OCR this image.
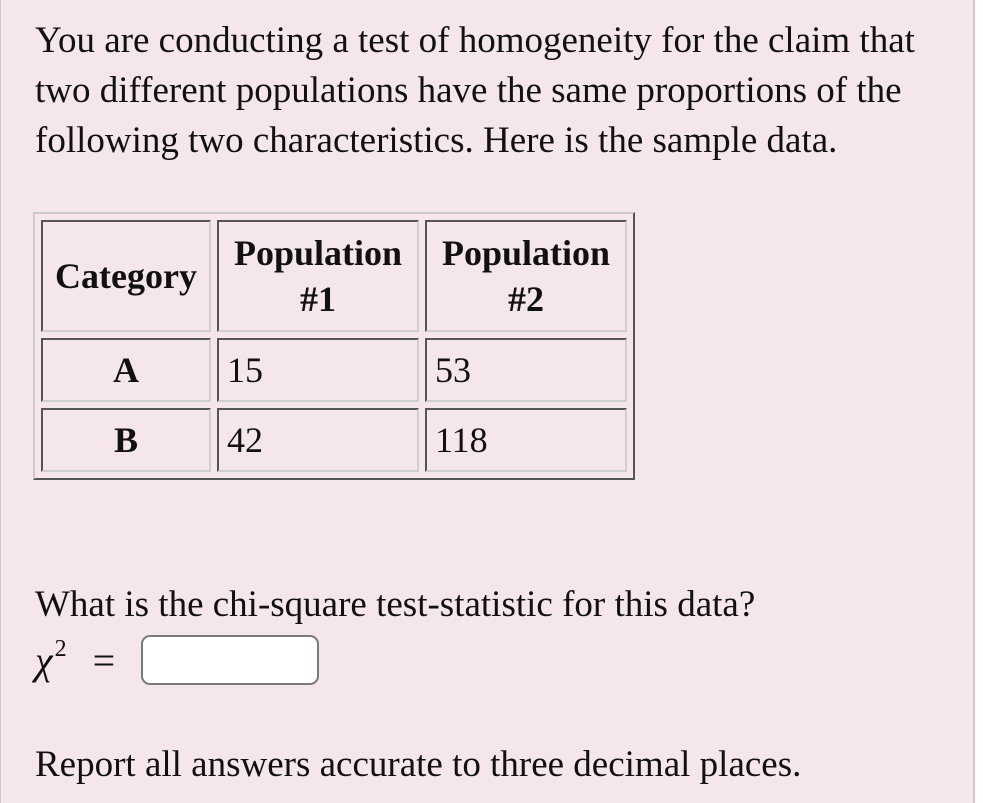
You are conducting a test of homogeneity for the claim that two different populations have the same proportions of the following two characteristics. Here is the sample data.

Category	Population #1	Population #2
A	15	53
B	42	118

What is the chi-square test-statistic for this data?

$\chi^2$ =

Report all answers accurate to three decimal places.
